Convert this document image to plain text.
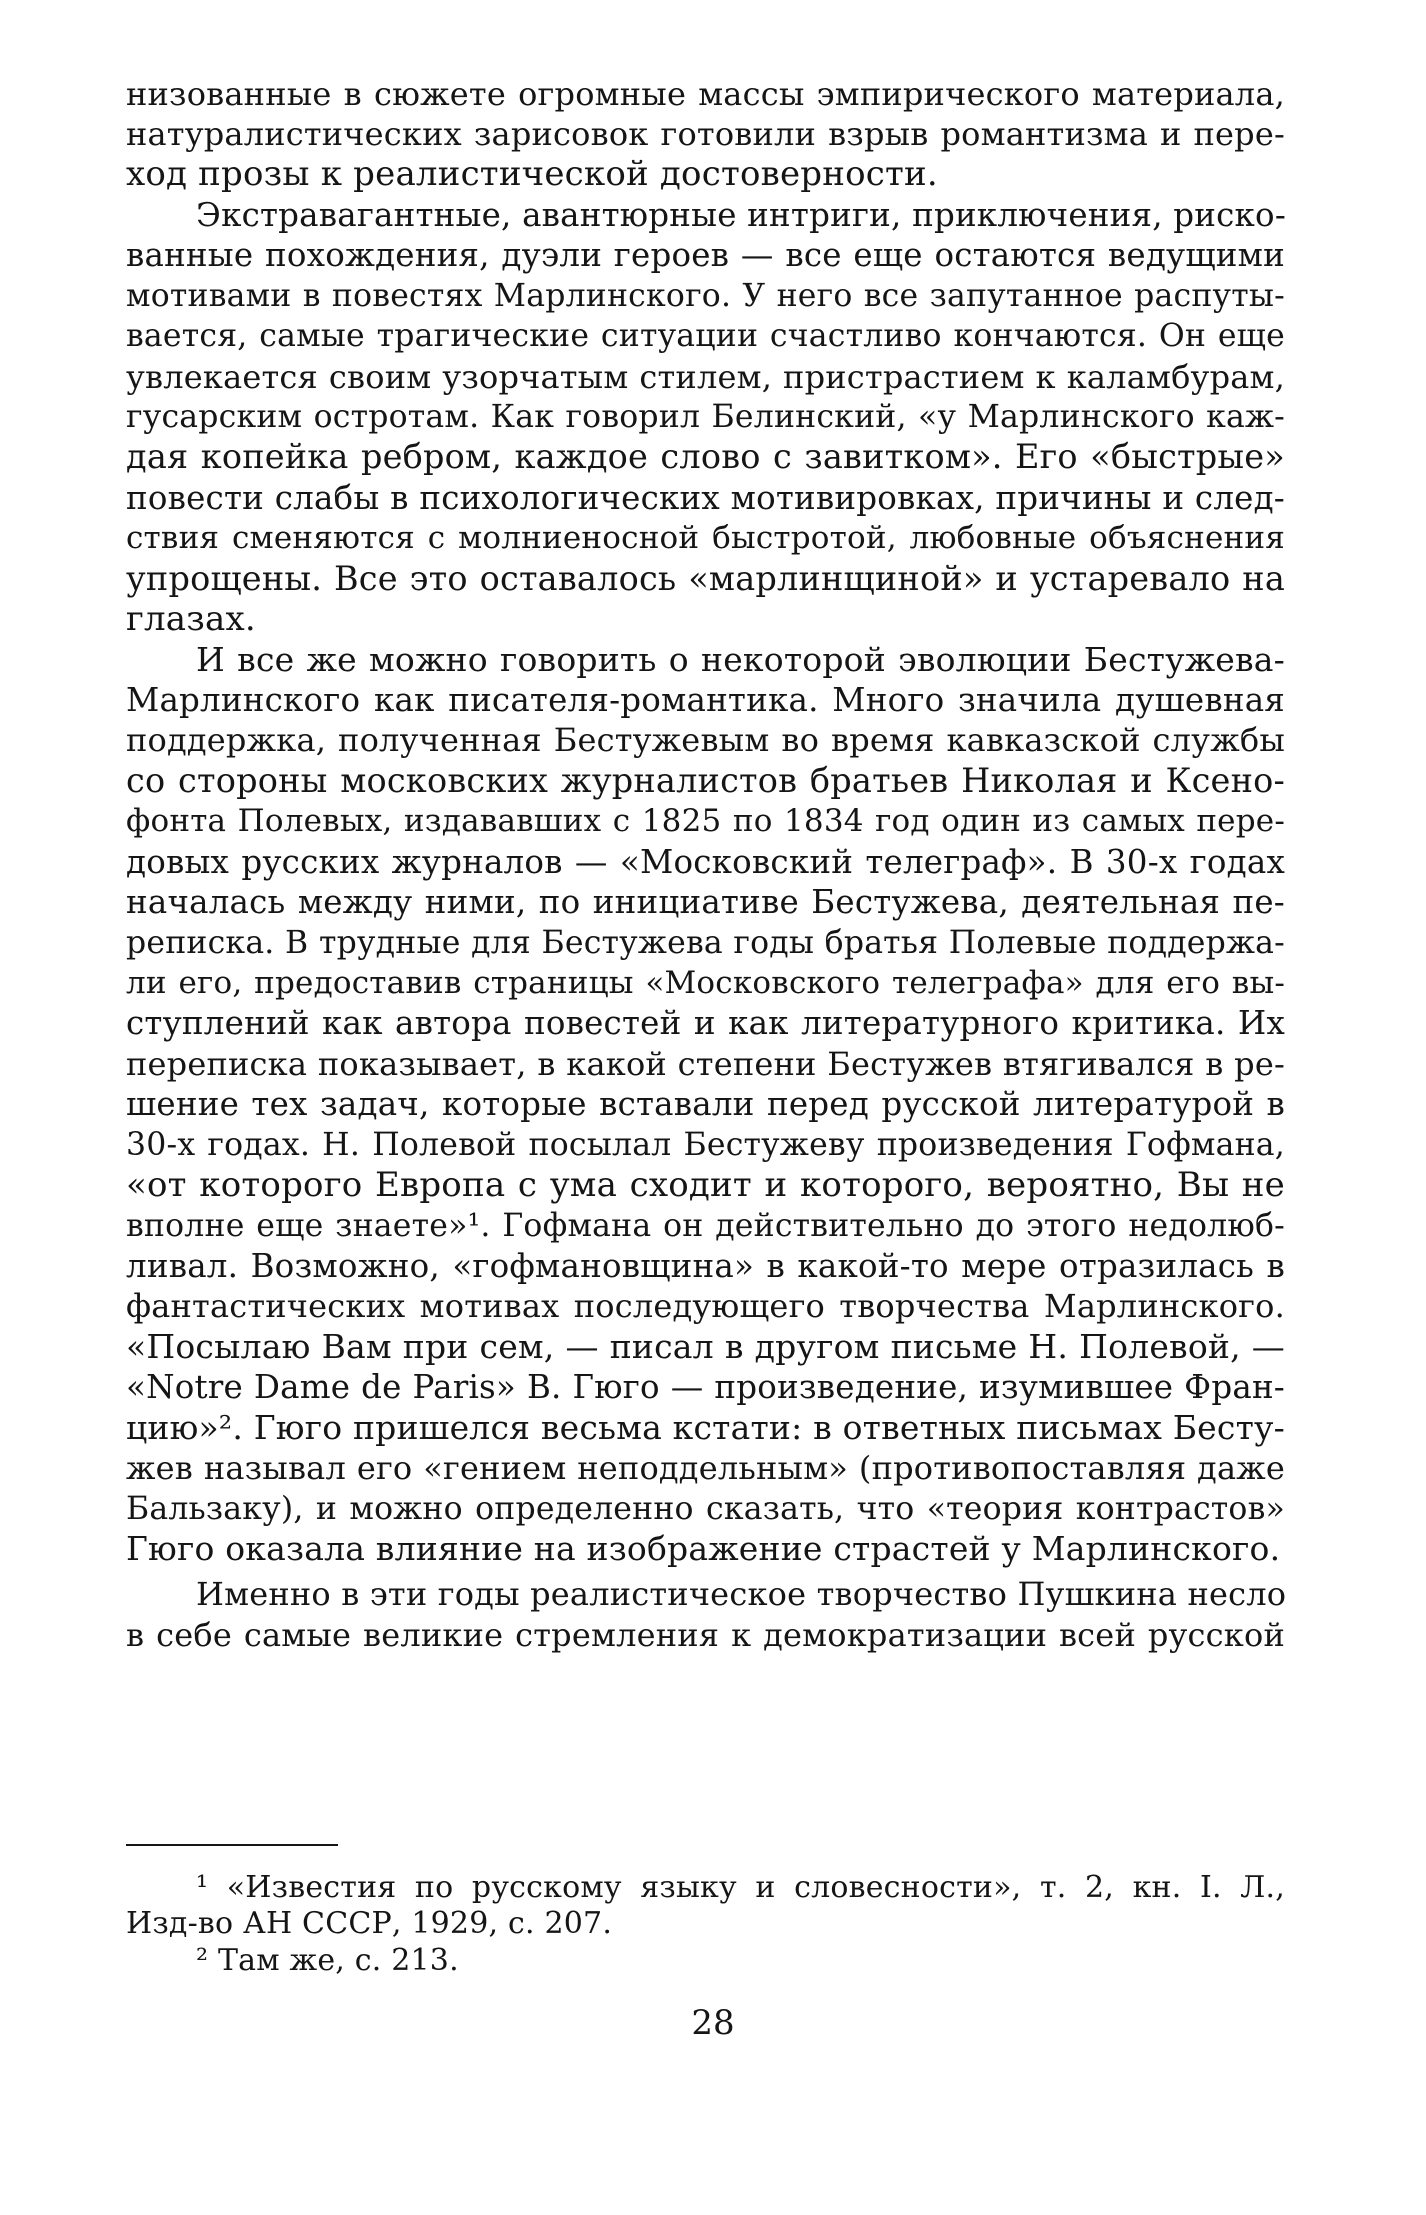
низованные в сюжете огромные массы эмпирического материала,
натуралистических зарисовок готовили взрыв романтизма и пере-
ход прозы к реалистической достоверности.
Экстравагантные, авантюрные интриги, приключения, риско-
ванные похождения, дуэли героев — все еще остаются ведущими
мотивами в повестях Марлинского. У него все запутанное распуты-
вается, самые трагические ситуации счастливо кончаются. Он еще
увлекается своим узорчатым стилем, пристрастием к каламбурам,
гусарским остротам. Как говорил Белинский, «у Марлинского каж-
дая копейка ребром, каждое слово с завитком». Его «быстрые»
повести слабы в психологических мотивировках, причины и след-
ствия сменяются с молниеносной быстротой, любовные объяснения
упрощены. Все это оставалось «марлинщиной» и устаревало на
глазах.
И все же можно говорить о некоторой эволюции Бестужева-
Марлинского как писателя-романтика. Много значила душевная
поддержка, полученная Бестужевым во время кавказской службы
со стороны московских журналистов братьев Николая и Ксено-
фонта Полевых, издававших с 1825 по 1834 год один из самых пере-
довых русских журналов — «Московский телеграф». В 30-х годах
началась между ними, по инициативе Бестужева, деятельная пе-
реписка. В трудные для Бестужева годы братья Полевые поддержа-
ли его, предоставив страницы «Московского телеграфа» для его вы-
ступлений как автора повестей и как литературного критика. Их
переписка показывает, в какой степени Бестужев втягивался в ре-
шение тех задач, которые вставали перед русской литературой в
30-х годах. Н. Полевой посылал Бестужеву произведения Гофмана,
«от которого Европа с ума сходит и которого, вероятно, Вы не
вполне еще знаете»¹. Гофмана он действительно до этого недолюб-
ливал. Возможно, «гофмановщина» в какой-то мере отразилась в
фантастических мотивах последующего творчества Марлинского.
«Посылаю Вам при сем, — писал в другом письме Н. Полевой, —
«Notre Dame de Paris» В. Гюго — произведение, изумившее Фран-
цию»². Гюго пришелся весьма кстати: в ответных письмах Бесту-
жев называл его «гением неподдельным» (противопоставляя даже
Бальзаку), и можно определенно сказать, что «теория контрастов»
Гюго оказала влияние на изображение страстей у Марлинского.
Именно в эти годы реалистическое творчество Пушкина несло
в себе самые великие стремления к демократизации всей русской
¹ «Известия по русскому языку и словесности», т. 2, кн. I. Л.,
Изд-во АН СССР, 1929, с. 207.
² Там же, с. 213.
28
